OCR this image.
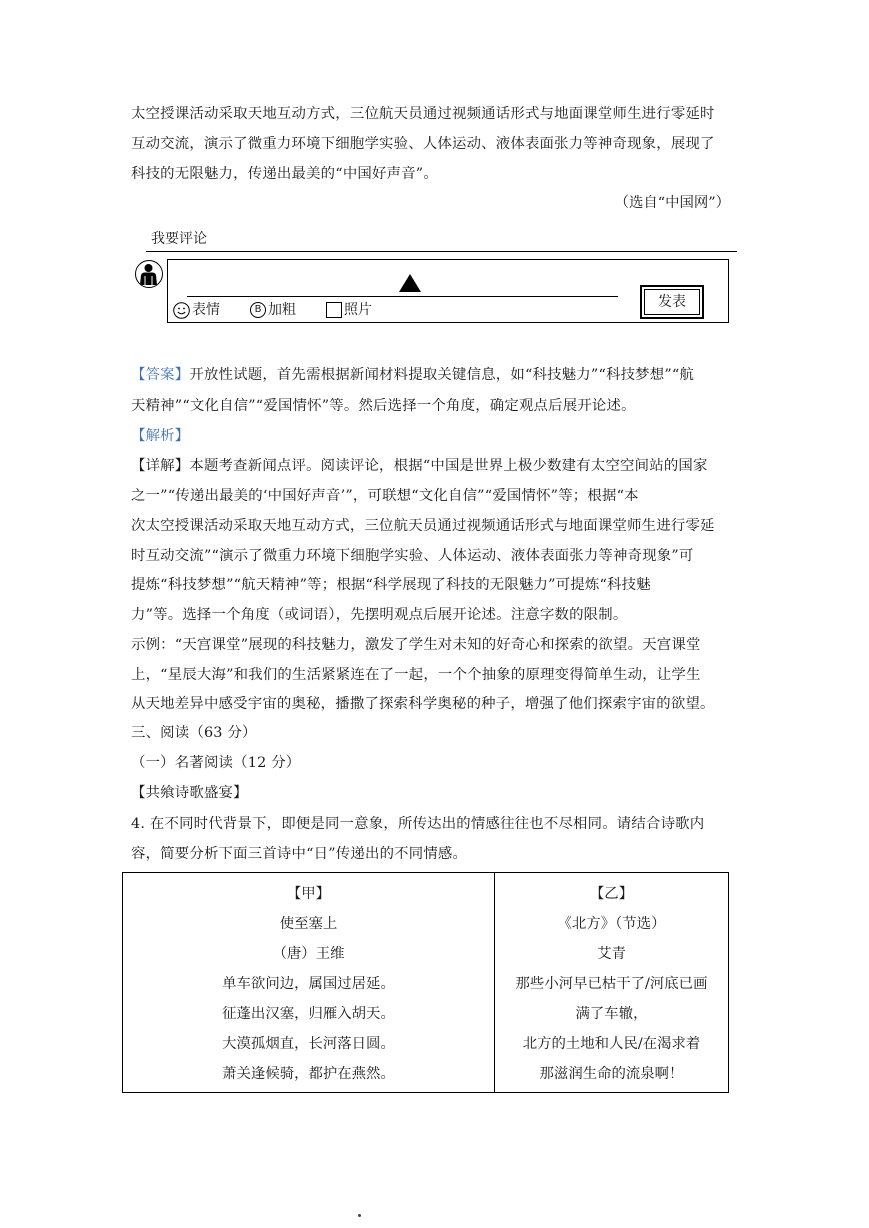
太空授课活动采取天地互动方式，三位航天员通过视频通话形式与地面课堂师生进行零延时
互动交流，演示了微重力环境下细胞学实验、人体运动、液体表面张力等神奇现象，展现了
科技的无限魅力，传递出最美的“中国好声音”。
（选自“中国网”）
我要评论
表情	B 加粗	照片	发表
【答案】开放性试题，首先需根据新闻材料提取关键信息，如“科技魅力”“科技梦想”“航
天精神”“文化自信”“爱国情怀”等。然后选择一个角度，确定观点后展开论述。
【解析】
【详解】本题考查新闻点评。阅读评论，根据“中国是世界上极少数建有太空空间站的国家
之一”“传递出最美的‘中国好声音’”，可联想“文化自信”“爱国情怀”等；根据“本
次太空授课活动采取天地互动方式，三位航天员通过视频通话形式与地面课堂师生进行零延
时互动交流”“演示了微重力环境下细胞学实验、人体运动、液体表面张力等神奇现象”可
提炼“科技梦想”“航天精神”等；根据“科学展现了科技的无限魅力”可提炼“科技魅
力”等。选择一个角度（或词语），先摆明观点后展开论述。注意字数的限制。
示例：“天宫课堂”展现的科技魅力，激发了学生对未知的好奇心和探索的欲望。天宫课堂
上，“星辰大海”和我们的生活紧紧连在了一起，一个个抽象的原理变得简单生动，让学生
从天地差异中感受宇宙的奥秘，播撒了探索科学奥秘的种子，增强了他们探索宇宙的欲望。
三、阅读（63 分）
（一）名著阅读（12 分）
【共飨诗歌盛宴】
4. 在不同时代背景下，即便是同一意象，所传达出的情感往往也不尽相同。请结合诗歌内
容，简要分析下面三首诗中“日”传递出的不同情感。
【甲】
使至塞上
（唐）王维
单车欲问边，属国过居延。
征蓬出汉塞，归雁入胡天。
大漠孤烟直，长河落日圆。
萧关逢候骑，都护在燕然。
【乙】
《北方》（节选）
艾青
那些小河早已枯干了/河底已画
满了车辙，
北方的土地和人民/在渴求着
那滋润生命的流泉啊！
